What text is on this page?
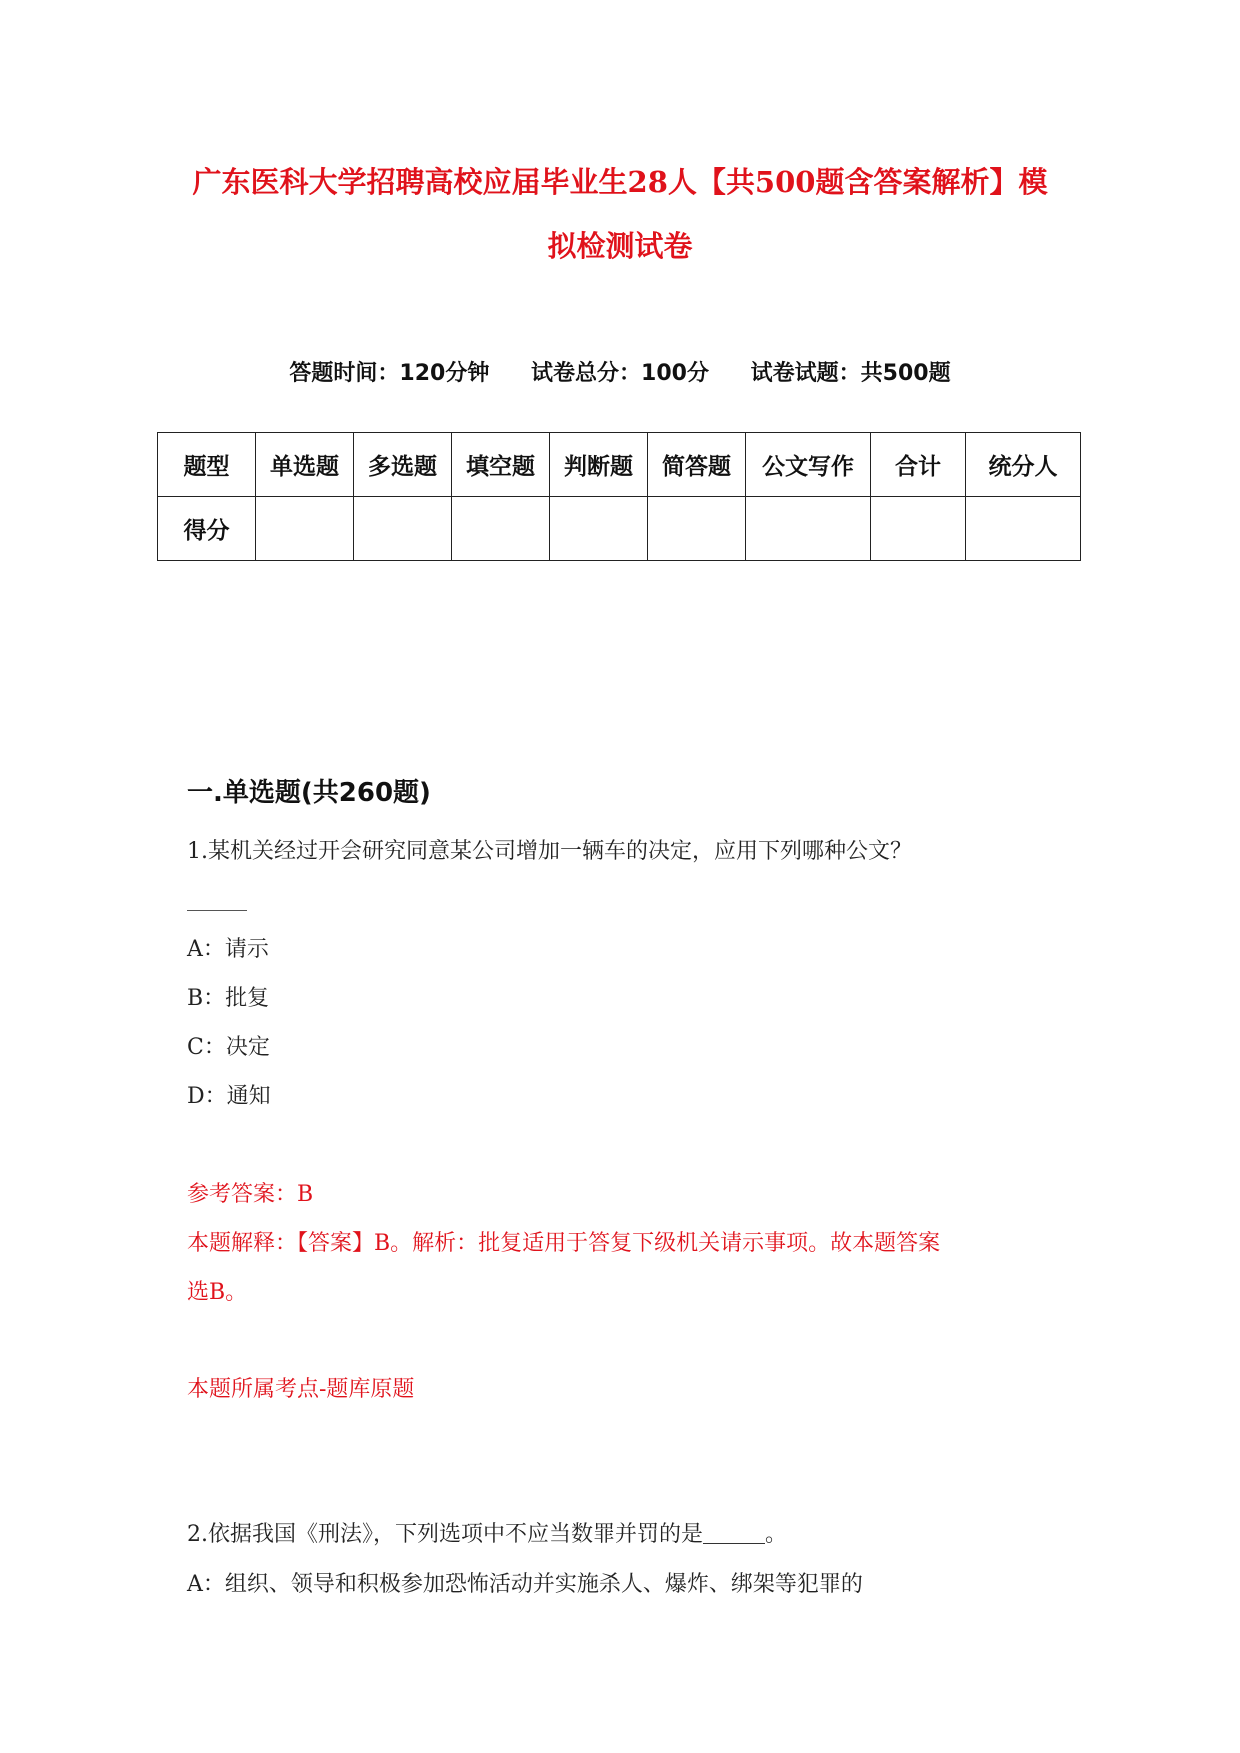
广东医科大学招聘高校应届毕业生28人【共500题含答案解析】模
拟检测试卷
答题时间：120分钟 试卷总分：100分 试卷试题：共500题
题型	单选题	多选题	填空题	判断题	简答题	公文写作	合计	统分人
得分								
一.单选题(共260题)
1.某机关经过开会研究同意某公司增加一辆车的决定，应用下列哪种公文？
A：请示
B：批复
C：决定
D：通知
参考答案：B
本题解释：【答案】B。解析：批复适用于答复下级机关请示事项。故本题答案
选B。
本题所属考点-题库原题
2.依据我国《刑法》，下列选项中不应当数罪并罚的是	。
A：组织、领导和积极参加恐怖活动并实施杀人、爆炸、绑架等犯罪的
